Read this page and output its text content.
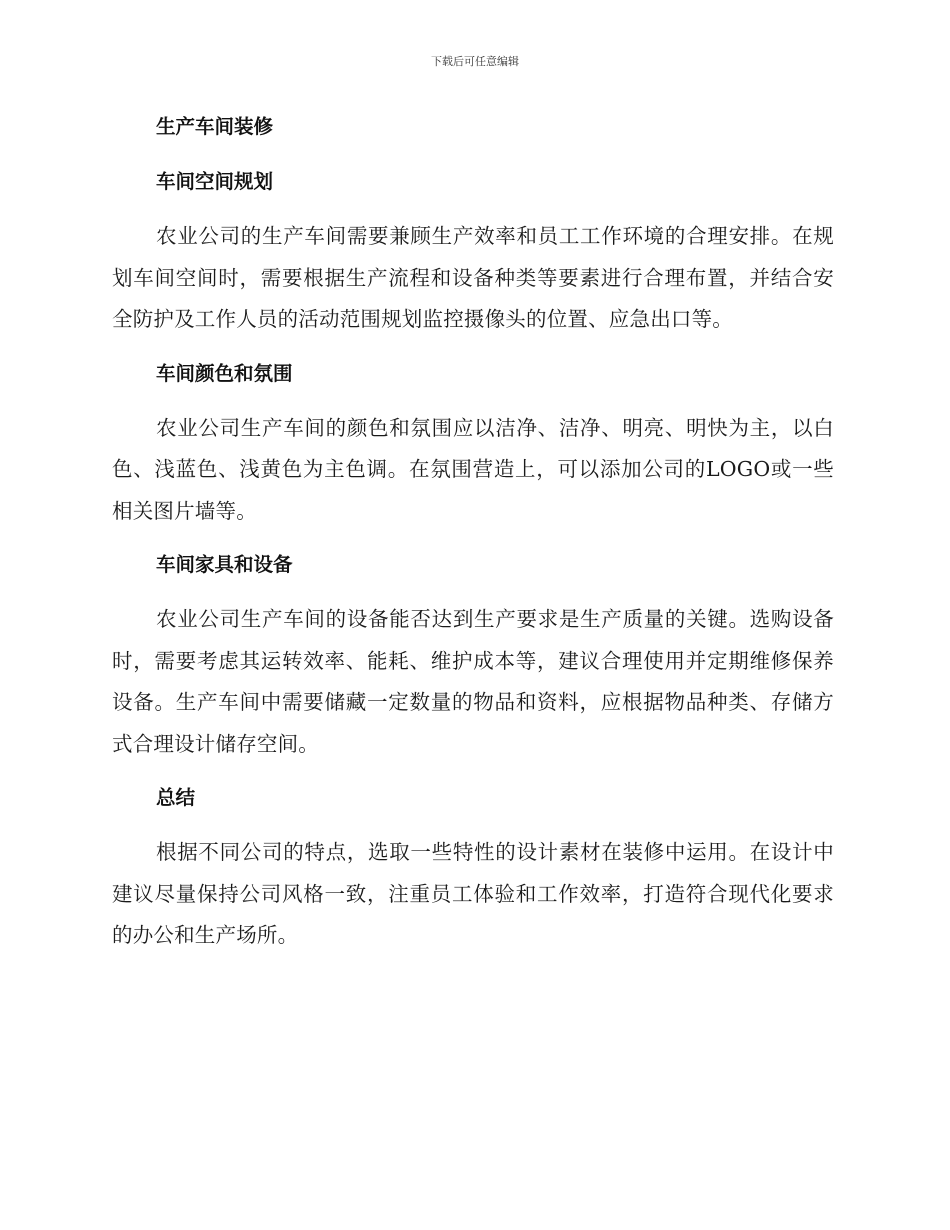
下载后可任意编辑
生产车间装修
车间空间规划

农业公司的生产车间需要兼顾生产效率和员工工作环境的合理安排。在规划车间空间时，需要根据生产流程和设备种类等要素进行合理布置，并结合安全防护及工作人员的活动范围规划监控摄像头的位置、应急出口等。

车间颜色和氛围

农业公司生产车间的颜色和氛围应以洁净、洁净、明亮、明快为主，以白色、浅蓝色、浅黄色为主色调。在氛围营造上，可以添加公司的LOGO或一些相关图片墙等。

车间家具和设备

农业公司生产车间的设备能否达到生产要求是生产质量的关键。选购设备时，需要考虑其运转效率、能耗、维护成本等，建议合理使用并定期维修保养设备。生产车间中需要储藏一定数量的物品和资料，应根据物品种类、存储方式合理设计储存空间。

总结

根据不同公司的特点，选取一些特性的设计素材在装修中运用。在设计中建议尽量保持公司风格一致，注重员工体验和工作效率，打造符合现代化要求的办公和生产场所。
